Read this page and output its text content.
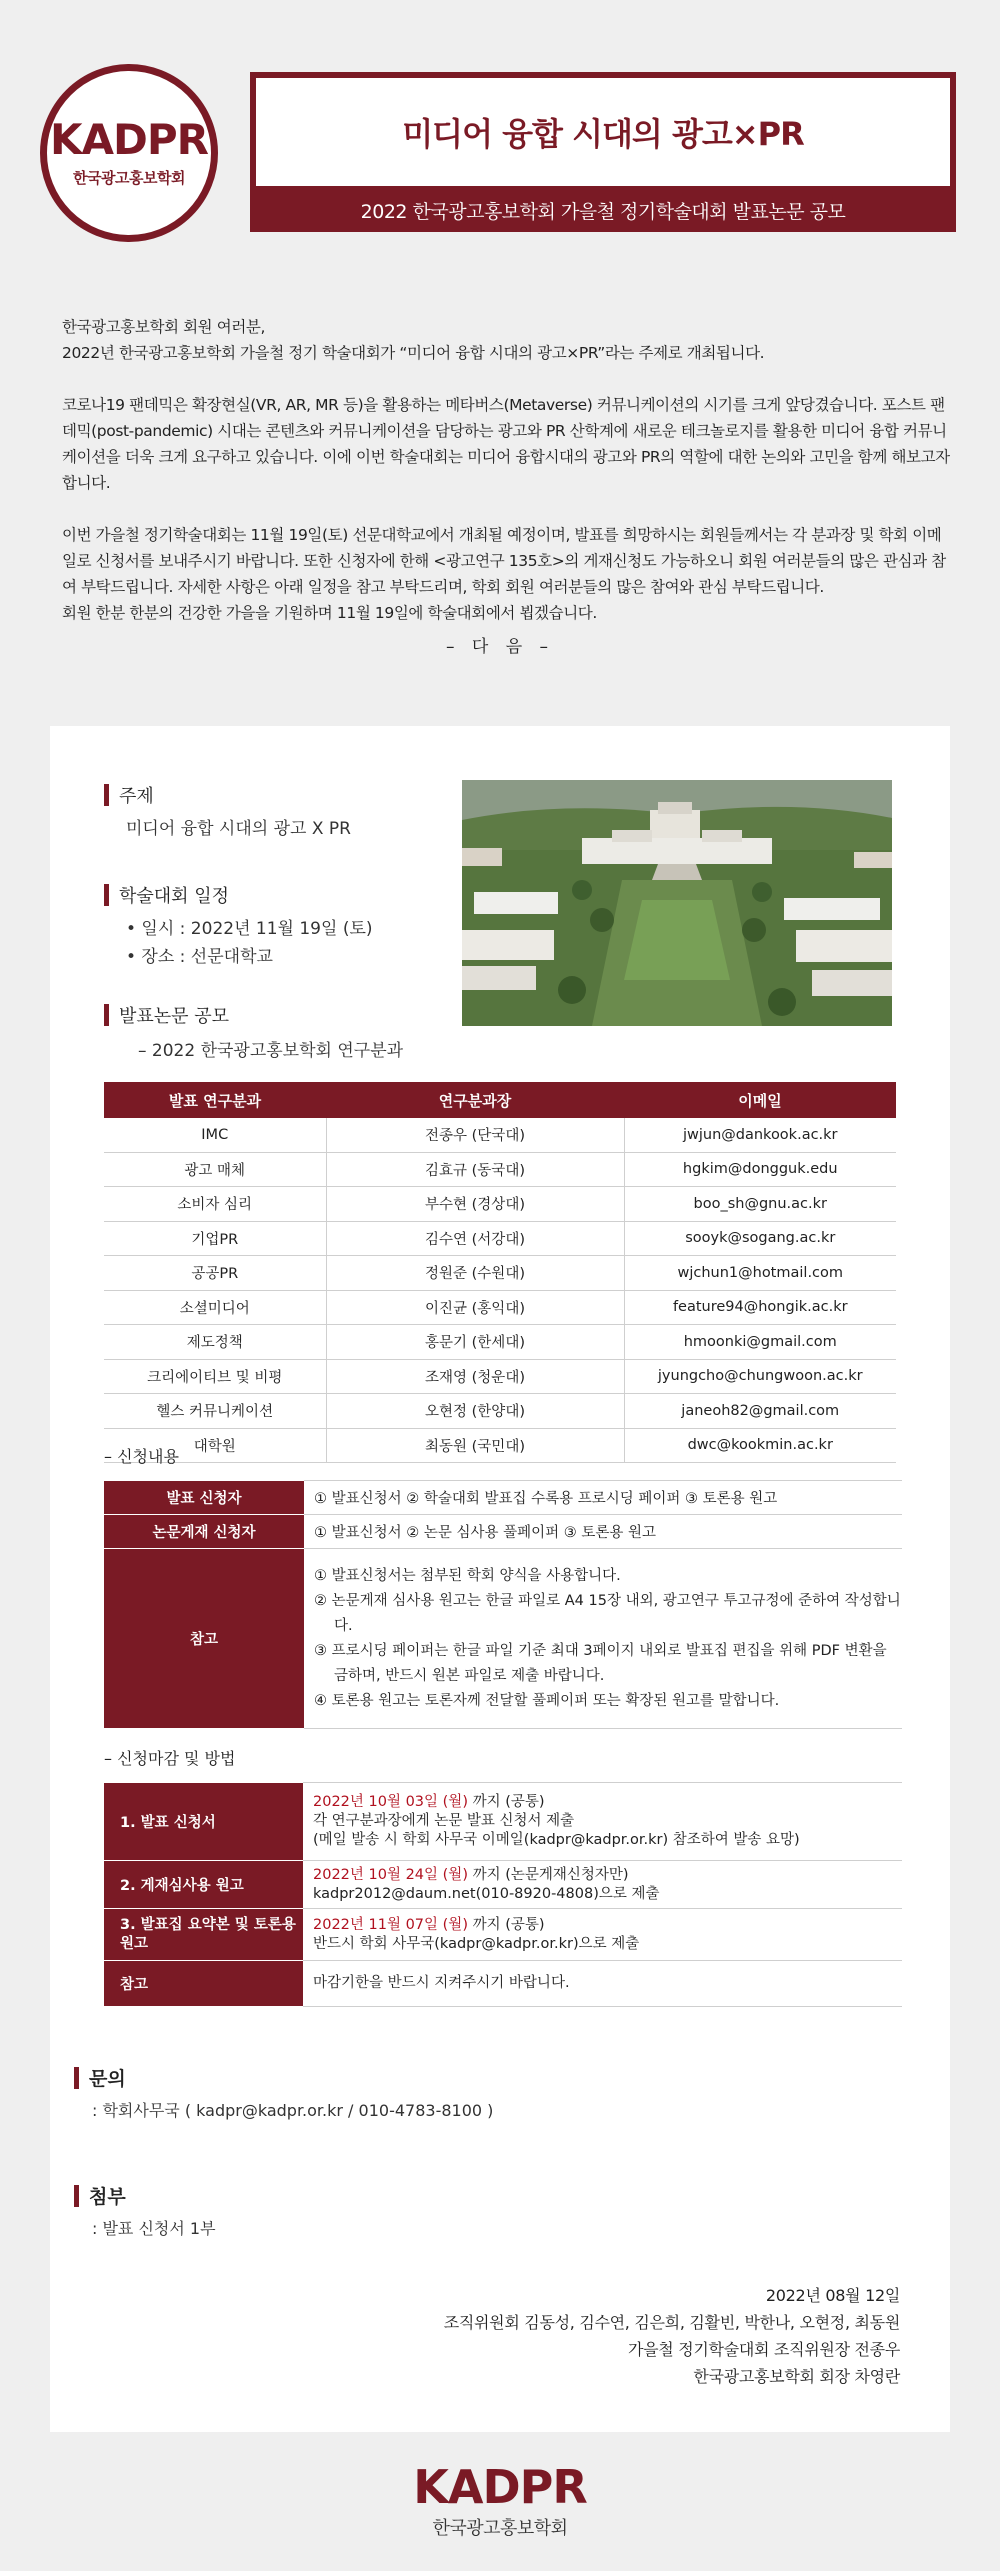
KADPR
한국광고홍보학회
미디어 융합 시대의 광고×PR
2022 한국광고홍보학회 가을철 정기학술대회 발표논문 공모

한국광고홍보학회 회원 여러분,

2022년 한국광고홍보학회 가을철 정기 학술대회가 “미디어 융합 시대의 광고×PR”라는 주제로 개최됩니다.

코로나19 팬데믹은 확장현실(VR, AR, MR 등)을 활용하는 메타버스(Metaverse) 커뮤니케이션의 시기를 크게 앞당겼습니다. 포스트 팬데믹(post-pandemic) 시대는 콘텐츠와 커뮤니케이션을 담당하는 광고와 PR 산학계에 새로운 테크놀로지를 활용한 미디어 융합 커뮤니케이션을 더욱 크게 요구하고 있습니다. 이에 이번 학술대회는 미디어 융합시대의 광고와 PR의 역할에 대한 논의와 고민을 함께 해보고자 합니다.

이번 가을철 정기학술대회는 11월 19일(토) 선문대학교에서 개최될 예정이며, 발표를 희망하시는 회원들께서는 각 분과장 및 학회 이메일로 신청서를 보내주시기 바랍니다. 또한 신청자에 한해 <광고연구 135호>의 게재신청도 가능하오니 회원 여러분들의 많은 관심과 참여 부탁드립니다. 자세한 사항은 아래 일정을 참고 부탁드리며, 학회 회원 여러분들의 많은 참여와 관심 부탁드립니다.

회원 한분 한분의 건강한 가을을 기원하며 11월 19일에 학술대회에서 뵙겠습니다.

– 다 음 –
주제
미디어 융합 시대의 광고 X PR
학술대회 일정
• 일시 : 2022년 11월 19일 (토)
• 장소 : 선문대학교
발표논문 공모
– 2022 한국광고홍보학회 연구분과
발표 연구분과	연구분과장	이메일
IMC	전종우 (단국대)	jwjun@dankook.ac.kr
광고 매체	김효규 (동국대)	hgkim@dongguk.edu
소비자 심리	부수현 (경상대)	boo_sh@gnu.ac.kr
기업PR	김수연 (서강대)	sooyk@sogang.ac.kr
공공PR	정원준 (수원대)	wjchun1@hotmail.com
소셜미디어	이진균 (홍익대)	feature94@hongik.ac.kr
제도정책	홍문기 (한세대)	hmoonki@gmail.com
크리에이티브 및 비평	조재영 (청운대)	jyungcho@chungwoon.ac.kr
헬스 커뮤니케이션	오현정 (한양대)	janeoh82@gmail.com
대학원	최동원 (국민대)	dwc@kookmin.ac.kr
– 신청내용
발표 신청자	① 발표신청서 ② 학술대회 발표집 수록용 프로시딩 페이퍼 ③ 토론용 원고
논문게재 신청자	① 발표신청서 ② 논문 심사용 풀페이퍼 ③ 토론용 원고
참고	① 발표신청서는 첨부된 학회 양식을 사용합니다.
② 논문게재 심사용 원고는 한글 파일로 A4 15장 내외, 광고연구 투고규정에 준하여 작성합니다.
③ 프로시딩 페이퍼는 한글 파일 기준 최대 3페이지 내외로 발표집 편집을 위해 PDF 변환을 금하며, 반드시 원본 파일로 제출 바랍니다.
④ 토론용 원고는 토론자께 전달할 풀페이퍼 또는 확장된 원고를 말합니다.
– 신청마감 및 방법
1. 발표 신청서	2022년 10월 03일 (월) 까지 (공통)
각 연구분과장에게 논문 발표 신청서 제출
(메일 발송 시 학회 사무국 이메일(kadpr@kadpr.or.kr) 참조하여 발송 요망)

2. 게재심사용 원고	2022년 10월 24일 (월) 까지 (논문게재신청자만)
kadpr2012@daum.net(010-8920-4808)으로 제출

3. 발표집 요약본 및 토론용 원고	2022년 11월 07일 (월) 까지 (공통)
반드시 학회 사무국(kadpr@kadpr.or.kr)으로 제출

참고	마감기한을 반드시 지켜주시기 바랍니다.
문의
: 학회사무국 ( kadpr@kadpr.or.kr / 010-4783-8100 )
첨부
: 발표 신청서 1부
2022년 08월 12일
조직위원회 김동성, 김수연, 김은희, 김활빈, 박한나, 오현정, 최동원
가을철 정기학술대회 조직위원장 전종우
한국광고홍보학회 회장 차영란
KADPR
한국광고홍보학회
